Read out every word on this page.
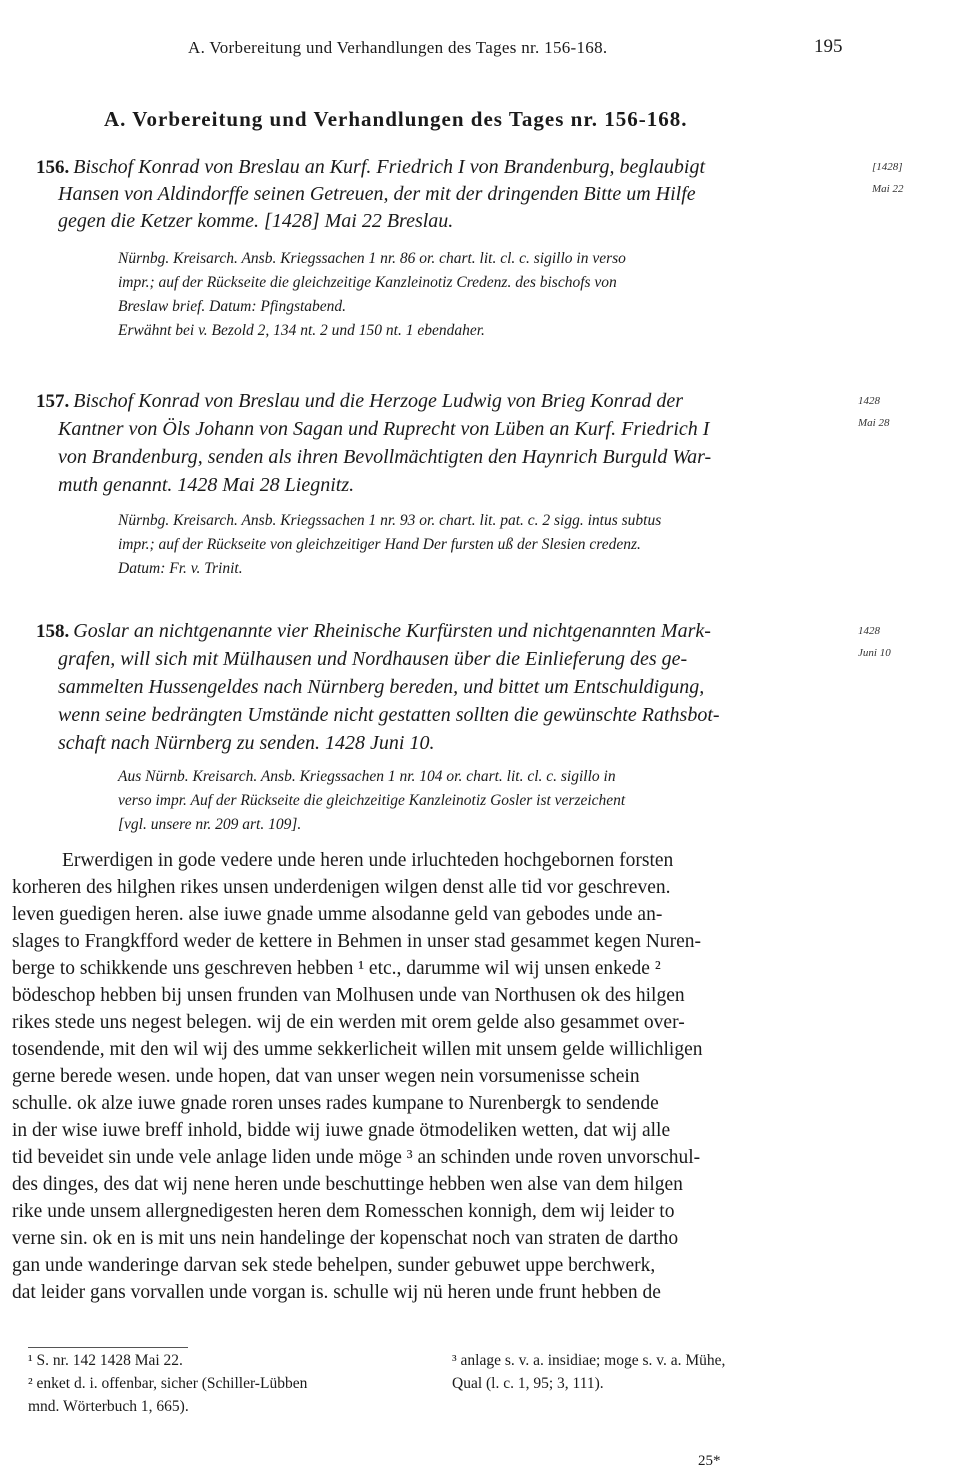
A. Vorbereitung und Verhandlungen des Tages nr. 156-168.	195

A. Vorbereitung und Verhandlungen des Tages nr. 156-168.

156. Bischof Konrad von Breslau an Kurf. Friedrich I von Brandenburg, beglaubigt

Hansen von Aldindorffe seinen Getreuen, der mit der dringenden Bitte um Hilfe

gegen die Ketzer komme. [1428] Mai 22 Breslau.

[1428]

Mai 22

Nürnbg. Kreisarch. Ansb. Kriegssachen 1 nr. 86 or. chart. lit. cl. c. sigillo in verso

impr.; auf der Rückseite die gleichzeitige Kanzleinotiz Credenz. des bischofs von

Breslaw brief. Datum: Pfingstabend.

Erwähnt bei v. Bezold 2, 134 nt. 2 und 150 nt. 1 ebendaher.

157. Bischof Konrad von Breslau und die Herzoge Ludwig von Brieg Konrad der

Kantner von Öls Johann von Sagan und Ruprecht von Lüben an Kurf. Friedrich I

von Brandenburg, senden als ihren Bevollmächtigten den Haynrich Burguld War-

muth genannt. 1428 Mai 28 Liegnitz.

1428

Mai 28

Nürnbg. Kreisarch. Ansb. Kriegssachen 1 nr. 93 or. chart. lit. pat. c. 2 sigg. intus subtus

impr.; auf der Rückseite von gleichzeitiger Hand Der fursten uß der Slesien credenz.

Datum: Fr. v. Trinit.

158. Goslar an nichtgenannte vier Rheinische Kurfürsten und nichtgenannten Mark-

grafen, will sich mit Mülhausen und Nordhausen über die Einlieferung des ge-

sammelten Hussengeldes nach Nürnberg bereden, und bittet um Entschuldigung,

wenn seine bedrängten Umstände nicht gestatten sollten die gewünschte Rathsbot-

schaft nach Nürnberg zu senden. 1428 Juni 10.

1428

Juni 10

Aus Nürnb. Kreisarch. Ansb. Kriegssachen 1 nr. 104 or. chart. lit. cl. c. sigillo in

verso impr. Auf der Rückseite die gleichzeitige Kanzleinotiz Gosler ist verzeichent

[vgl. unsere nr. 209 art. 109].

Erwerdigen in gode vedere unde heren unde irluchteden hochgebornen forsten

korheren des hilghen rikes unsen underdenigen wilgen denst alle tid vor geschreven.

leven guedigen heren. alse iuwe gnade umme alsodanne geld van gebodes unde an-

slages to Frangkfford weder de kettere in Behmen in unser stad gesammet kegen Nuren-

berge to schikkende uns geschreven hebben ¹ etc., darumme wil wij unsen enkede ²

bödeschop hebben bij unsen frunden van Molhusen unde van Northusen ok des hilgen

rikes stede uns negest belegen. wij de ein werden mit orem gelde also gesammet over-

tosendende, mit den wil wij des umme sekkerlicheit willen mit unsem gelde willichligen

gerne berede wesen. unde hopen, dat van unser wegen nein vorsumenisse schein

schulle. ok alze iuwe gnade roren unses rades kumpane to Nurenbergk to sendende

in der wise iuwe breff inhold, bidde wij iuwe gnade ötmodeliken wetten, dat wij alle

tid beveidet sin unde vele anlage liden unde möge ³ an schinden unde roven unvorschul-

des dinges, des dat wij nene heren unde beschuttinge hebben wen alse van dem hilgen

rike unde unsem allergnedigesten heren dem Romesschen konnigh, dem wij leider to

verne sin. ok en is mit uns nein handelinge der kopenschat noch van straten de dartho

gan unde wanderinge darvan sek stede behelpen, sunder gebuwet uppe berchwerk,

dat leider gans vorvallen unde vorgan is. schulle wij nü heren unde frunt hebben de

¹ S. nr. 142 1428 Mai 22.

² enket d. i. offenbar, sicher (Schiller-Lübben

mnd. Wörterbuch 1, 665).

³ anlage s. v. a. insidiae; moge s. v. a. Mühe,

Qual (l. c. 1, 95; 3, 111).

25*
